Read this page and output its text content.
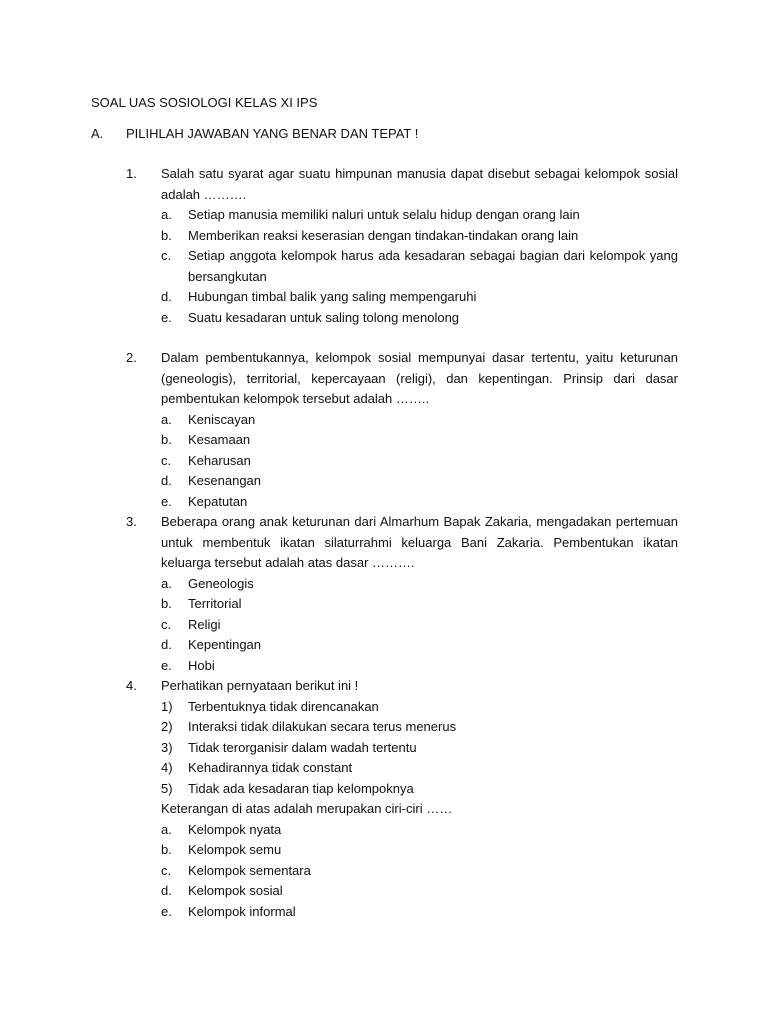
SOAL UAS SOSIOLOGI KELAS XI IPS
A. PILIHLAH JAWABAN YANG BENAR DAN TEPAT !
1.	Salah satu syarat agar suatu himpunan manusia dapat disebut sebagai kelompok sosial adalah ……….
a.	Setiap manusia memiliki naluri untuk selalu hidup dengan orang lain
b.	Memberikan reaksi keserasian dengan tindakan-tindakan orang lain
c.	Setiap anggota kelompok harus ada kesadaran sebagai bagian dari kelompok yang bersangkutan
d.	Hubungan timbal balik yang saling mempengaruhi
e.	Suatu kesadaran untuk saling tolong menolong
2.	Dalam pembentukannya, kelompok sosial mempunyai dasar tertentu, yaitu keturunan (geneologis), territorial, kepercayaan (religi), dan kepentingan. Prinsip dari dasar pembentukan kelompok tersebut adalah ……..
a.	Keniscayan
b.	Kesamaan
c.	Keharusan
d.	Kesenangan
e.	Kepatutan
3.	Beberapa orang anak keturunan dari Almarhum Bapak Zakaria, mengadakan pertemuan untuk membentuk ikatan silaturrahmi keluarga Bani Zakaria. Pembentukan ikatan keluarga tersebut adalah atas dasar ……….
a.	Geneologis
b.	Territorial
c.	Religi
d.	Kepentingan
e.	Hobi
4.	Perhatikan pernyataan berikut ini !
1)	Terbentuknya tidak direncanakan
2)	Interaksi tidak dilakukan secara terus menerus
3)	Tidak terorganisir dalam wadah tertentu
4)	Kehadirannya tidak constant
5)	Tidak ada kesadaran tiap kelompoknya
Keterangan di atas adalah merupakan ciri-ciri ……
a.	Kelompok nyata
b.	Kelompok semu
c.	Kelompok sementara
d.	Kelompok sosial
e.	Kelompok informal
